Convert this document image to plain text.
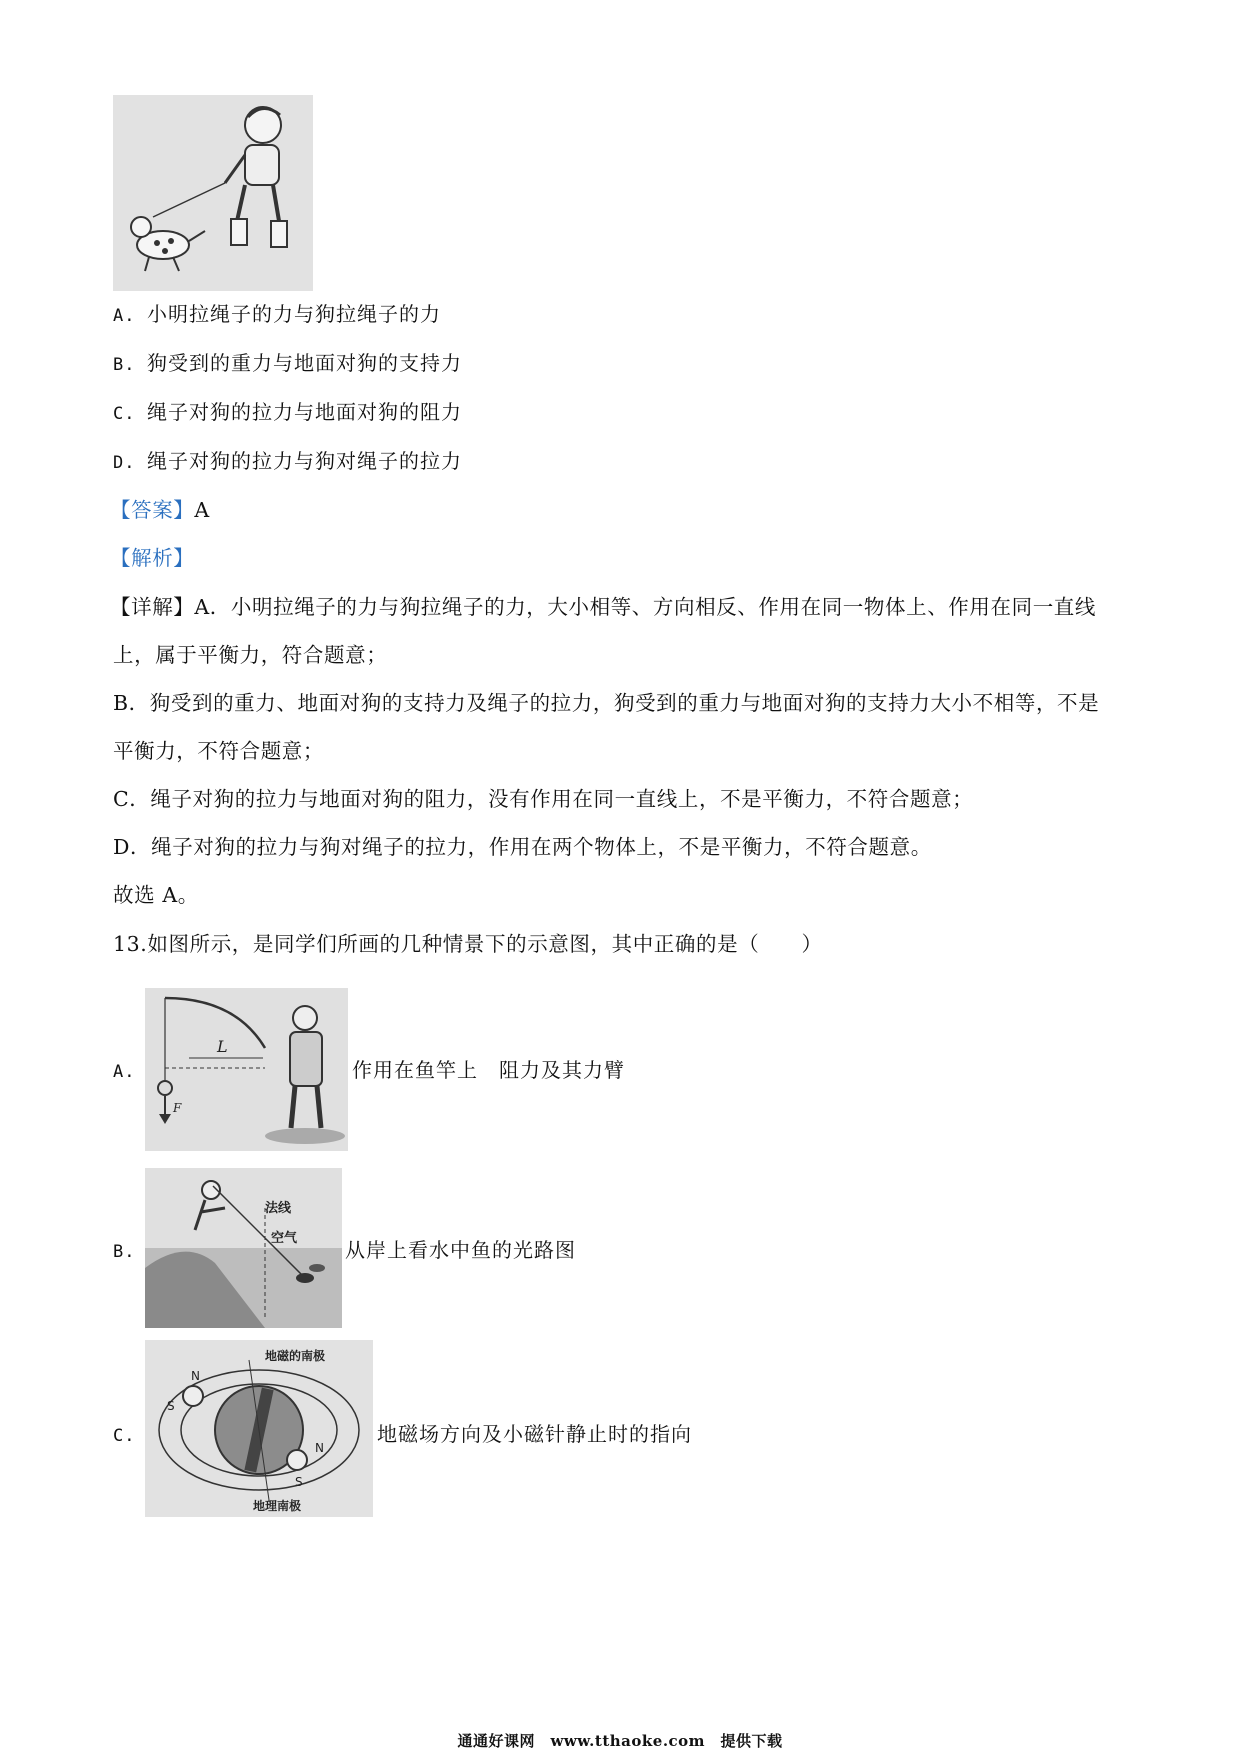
A. 小明拉绳子的力与狗拉绳子的力
B. 狗受到的重力与地面对狗的支持力
C. 绳子对狗的拉力与地面对狗的阻力
D. 绳子对狗的拉力与狗对绳子的拉力
【答案】A
【解析】
【详解】A．小明拉绳子的力与狗拉绳子的力，大小相等、方向相反、作用在同一物体上、作用在同一直线
上，属于平衡力，符合题意；
B．狗受到的重力、地面对狗的支持力及绳子的拉力，狗受到的重力与地面对狗的支持力大小不相等，不是
平衡力，不符合题意；
C．绳子对狗的拉力与地面对狗的阻力，没有作用在同一直线上，不是平衡力，不符合题意；
D．绳子对狗的拉力与狗对绳子的拉力，作用在两个物体上，不是平衡力，不符合题意。
故选 A。
13.如图所示，是同学们所画的几种情景下的示意图，其中正确的是（　　）
A.
L
F
作用在鱼竿上　阻力及其力臂
B.
法线
空气 从岸上看水中鱼的光路图
C.
地磁的南极
地理南极
N
S
N
S
地磁场方向及小磁针静止时的指向
通通好课网　www.tthaoke.com　提供下载
